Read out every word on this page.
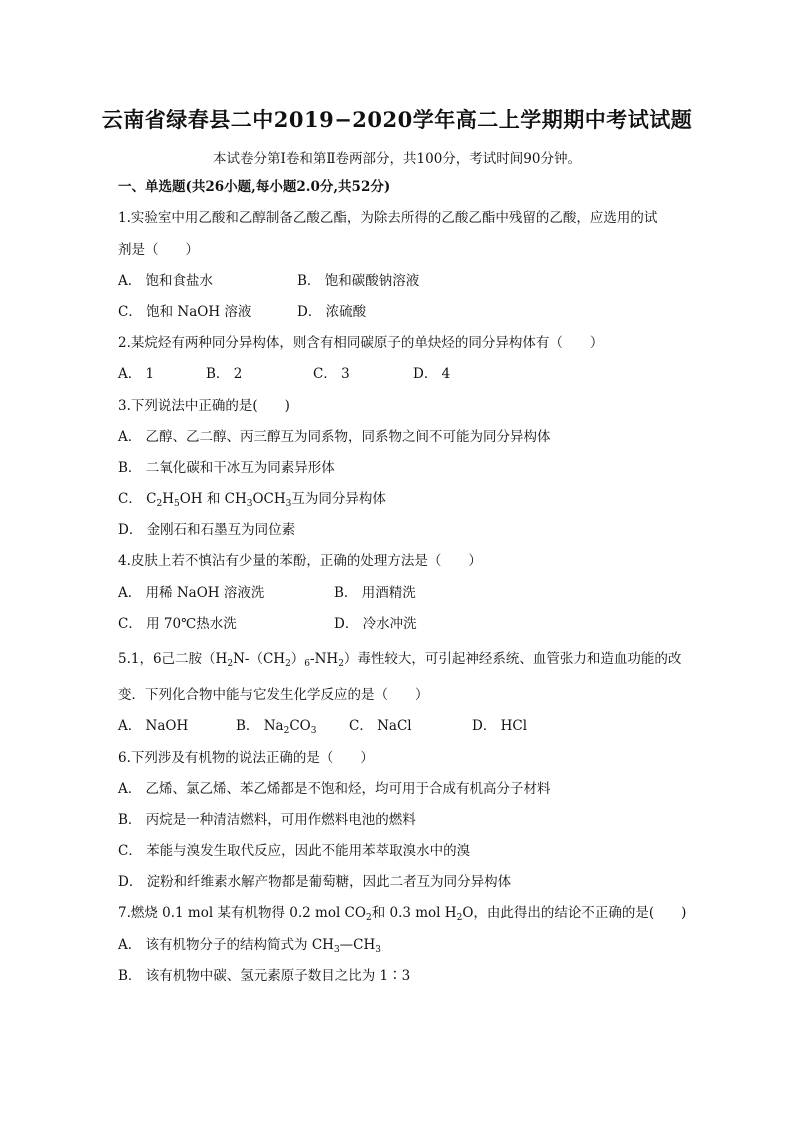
云南省绿春县二中2019−2020学年高二上学期期中考试试题
本试卷分第Ⅰ卷和第Ⅱ卷两部分，共100分，考试时间90分钟。
一、单选题(共26小题,每小题2.0分,共52分)
1.实验室中用乙酸和乙醇制备乙酸乙酯，为除去所得的乙酸乙酯中残留的乙酸，应选用的试
剂是（　　）
A． 饱和食盐水	B． 饱和碳酸钠溶液
C． 饱和 NaOH 溶液	D． 浓硫酸
2.某烷烃有两种同分异构体，则含有相同碳原子的单炔烃的同分异构体有（　　）
A． 1	B． 2	C． 3	D． 4
3.下列说法中正确的是(　　)
A． 乙醇、乙二醇、丙三醇互为同系物，同系物之间不可能为同分异构体
B． 二氧化碳和干冰互为同素异形体
C． $C_2H_5OH$ 和 $CH_3OCH_3$互为同分异构体
D． 金刚石和石墨互为同位素
4.皮肤上若不慎沾有少量的苯酚，正确的处理方法是（　　）
A． 用稀 NaOH 溶液洗	B． 用酒精洗
C． 用 70℃热水洗	D． 冷水冲洗
5.1，6己二胺$(H_2N-(CH_2)_6-NH_2)$毒性较大，可引起神经系统、血管张力和造血功能的改
变．下列化合物中能与它发生化学反应的是（　　）
A． NaOH	B． $Na_2CO_3$ C． NaCl	D． HCl
6.下列涉及有机物的说法正确的是（　　）
A． 乙烯、氯乙烯、苯乙烯都是不饱和烃，均可用于合成有机高分子材料
B． 丙烷是一种清洁燃料，可用作燃料电池的燃料
C． 苯能与溴发生取代反应，因此不能用苯萃取溴水中的溴
D． 淀粉和纤维素水解产物都是葡萄糖，因此二者互为同分异构体
7.燃烧 0.1 mol 某有机物得 0.2 mol $CO_2$和 0.3 mol $H_2O$，由此得出的结论不正确的是(　　)
A． 该有机物分子的结构简式为 $CH_3—CH_3$
B． 该有机物中碳、氢元素原子数目之比为 1∶3
